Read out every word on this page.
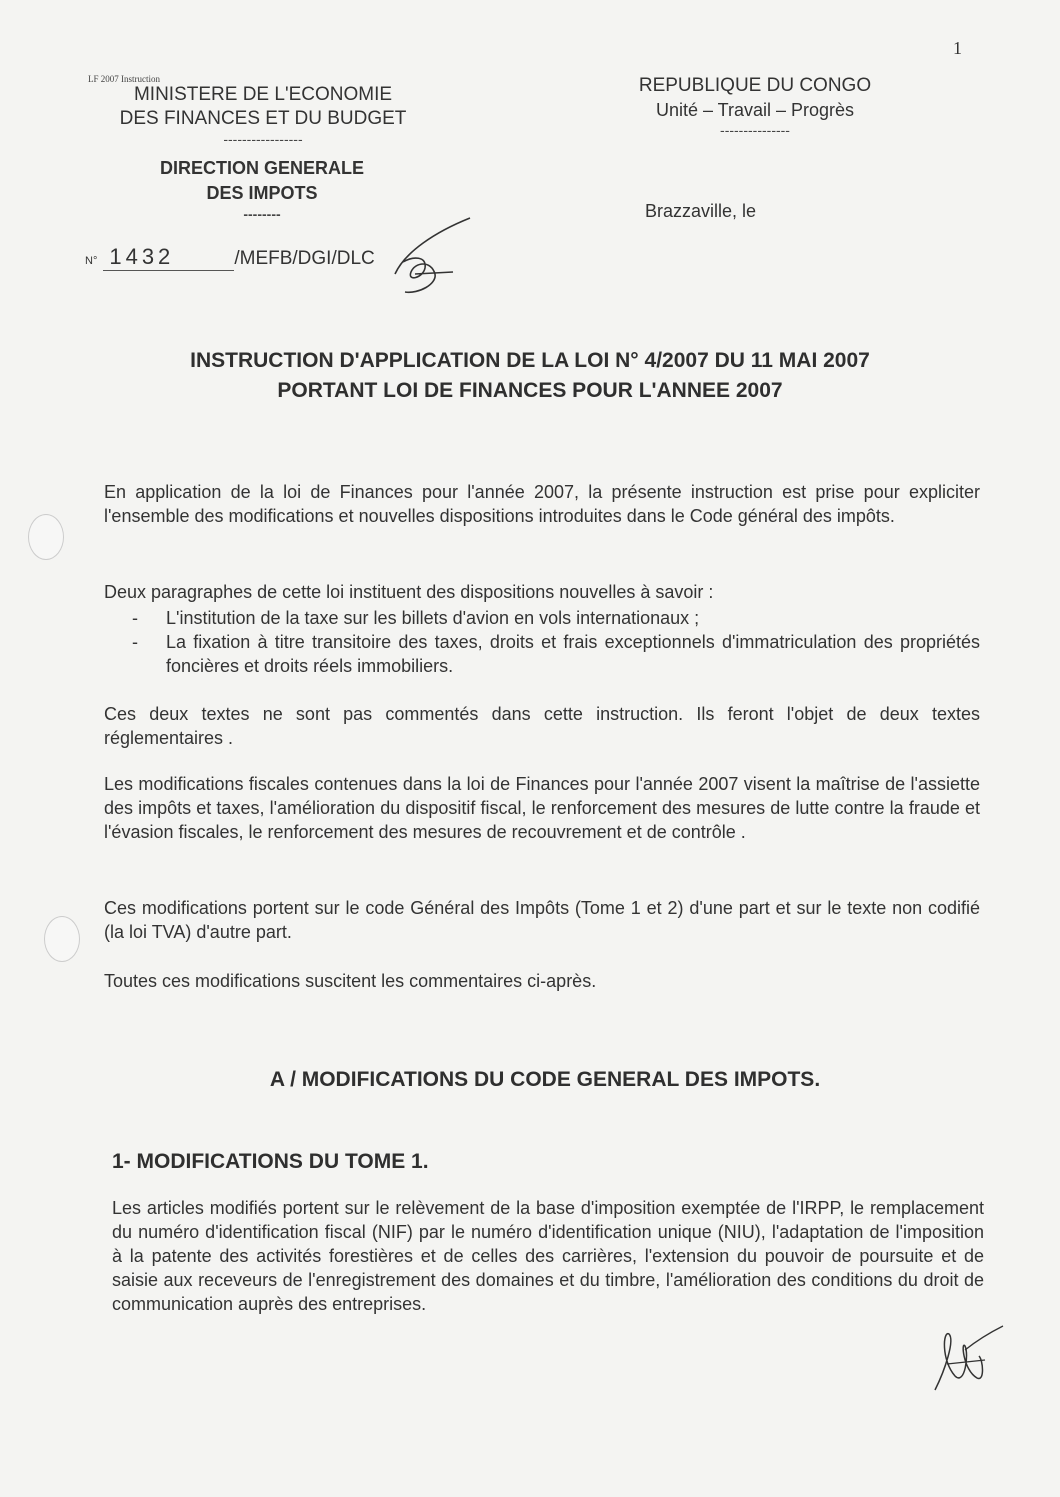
1
LF 2007 Instruction
MINISTERE DE L'ECONOMIE
DES FINANCES ET DU BUDGET
-----------------
DIRECTION GENERALE
DES IMPOTS
--------
REPUBLIQUE DU CONGO
Unité – Travail – Progrès
---------------
Brazzaville, le
N° 1432	/MEFB/DGI/DLC
INSTRUCTION D'APPLICATION DE LA LOI N° 4/2007 DU 11 MAI 2007
PORTANT LOI DE FINANCES POUR L'ANNEE 2007
En application de la loi de Finances pour l'année 2007, la présente instruction est prise pour expliciter l'ensemble des modifications et nouvelles dispositions introduites dans le Code général des impôts.
Deux paragraphes de cette loi instituent des dispositions nouvelles à savoir :
- L'institution de la taxe sur les billets d'avion en vols internationaux ;
- La fixation à titre transitoire des taxes, droits et frais exceptionnels d'immatriculation des propriétés foncières et droits réels immobiliers.
Ces deux textes ne sont pas commentés dans cette instruction. Ils feront l'objet de deux textes réglementaires .
Les modifications fiscales contenues dans la loi de Finances pour l'année 2007 visent la maîtrise de l'assiette des impôts et taxes, l'amélioration du dispositif fiscal, le renforcement des mesures de lutte contre la fraude et l'évasion fiscales, le renforcement des mesures de recouvrement et de contrôle .
Ces modifications portent sur le code Général des Impôts (Tome 1 et 2) d'une part et sur le texte non codifié (la loi TVA) d'autre part.
Toutes ces modifications suscitent les commentaires ci-après.
A / MODIFICATIONS DU CODE GENERAL DES IMPOTS.
1- MODIFICATIONS DU TOME 1.
Les articles modifiés portent sur le relèvement de la base d'imposition exemptée de l'IRPP, le remplacement du numéro d'identification fiscal (NIF) par le numéro d'identification unique (NIU), l'adaptation de l'imposition à la patente des activités forestières et de celles des carrières, l'extension du pouvoir de poursuite et de saisie aux receveurs de l'enregistrement des domaines et du timbre, l'amélioration des conditions du droit de communication auprès des entreprises.
